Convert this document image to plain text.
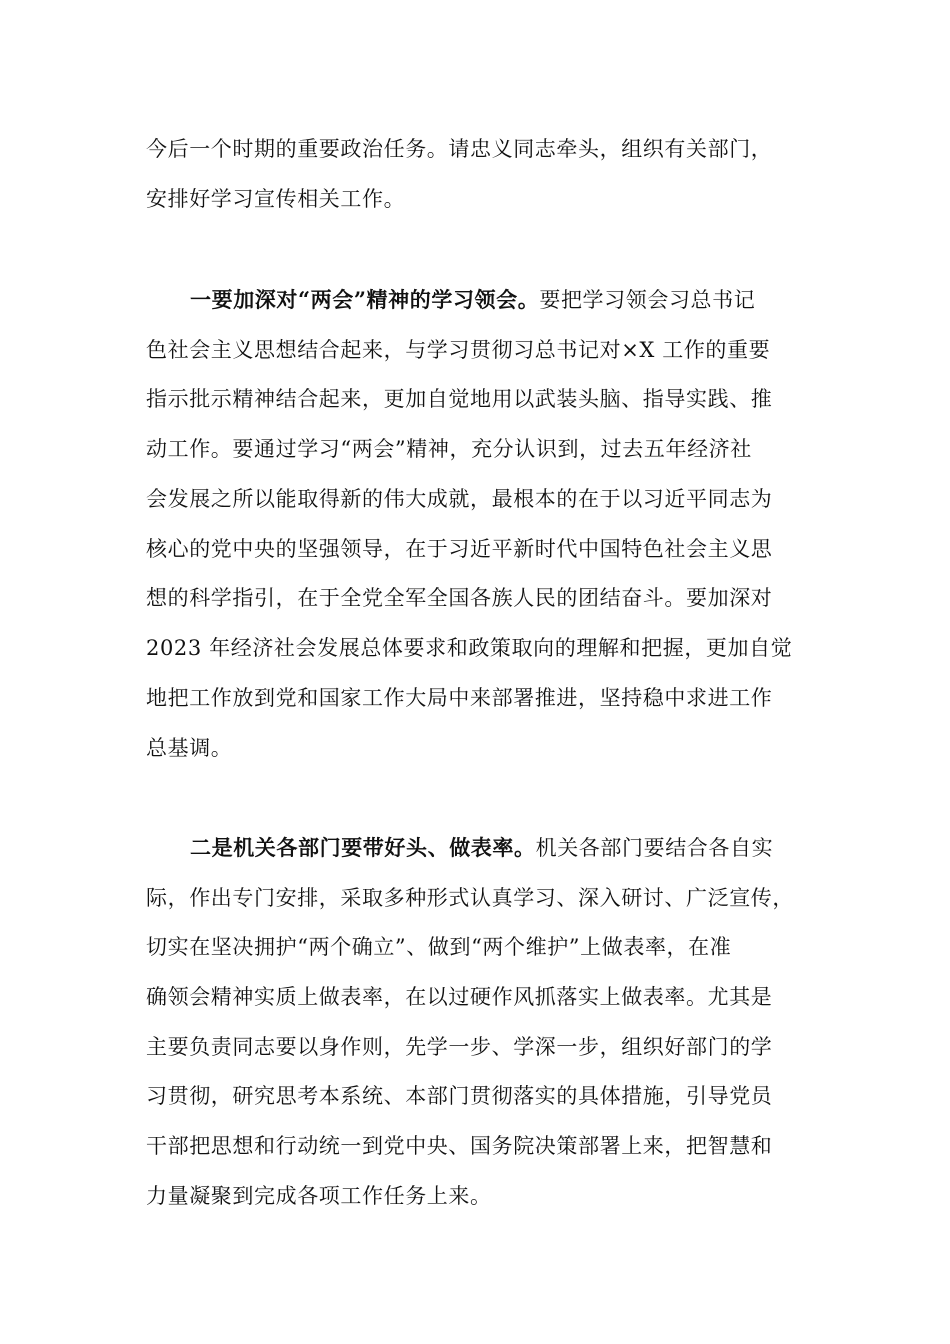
今后一个时期的重要政治任务。请忠义同志牵头，组织有关部门，
安排好学习宣传相关工作。
一要加深对“两会”精神的学习领会。要把学习领会习总书记
色社会主义思想结合起来，与学习贯彻习总书记对×X 工作的重要
指示批示精神结合起来，更加自觉地用以武装头脑、指导实践、推
动工作。要通过学习“两会”精神，充分认识到，过去五年经济社
会发展之所以能取得新的伟大成就，最根本的在于以习近平同志为
核心的党中央的坚强领导，在于习近平新时代中国特色社会主义思
想的科学指引，在于全党全军全国各族人民的团结奋斗。要加深对
2023 年经济社会发展总体要求和政策取向的理解和把握，更加自觉
地把工作放到党和国家工作大局中来部署推进，坚持稳中求进工作
总基调。
二是机关各部门要带好头、做表率。机关各部门要结合各自实
际，作出专门安排，采取多种形式认真学习、深入研讨、广泛宣传，
切实在坚决拥护“两个确立”、做到“两个维护”上做表率，在准
确领会精神实质上做表率，在以过硬作风抓落实上做表率。尤其是
主要负责同志要以身作则，先学一步、学深一步，组织好部门的学
习贯彻，研究思考本系统、本部门贯彻落实的具体措施，引导党员
干部把思想和行动统一到党中央、国务院决策部署上来，把智慧和
力量凝聚到完成各项工作任务上来。
